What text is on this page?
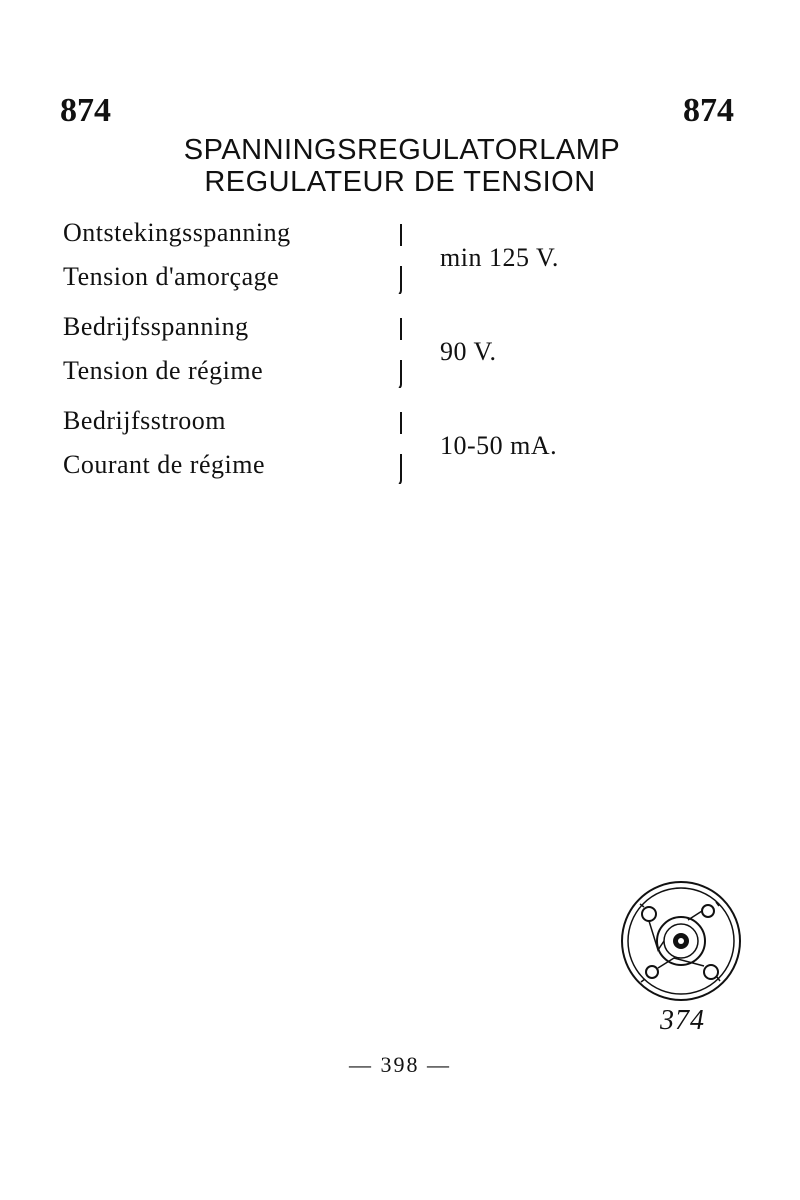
874	874
SPANNINGSREGULATORLAMP
REGULATEUR DE TENSION
Ontstekingsspanning
Tension d'amorçage
min 125 V.
Bedrijfsspanning
Tension de régime
90 V.
Bedrijfsstroom
Courant de régime
10-50 mA.
374
— 398 —
